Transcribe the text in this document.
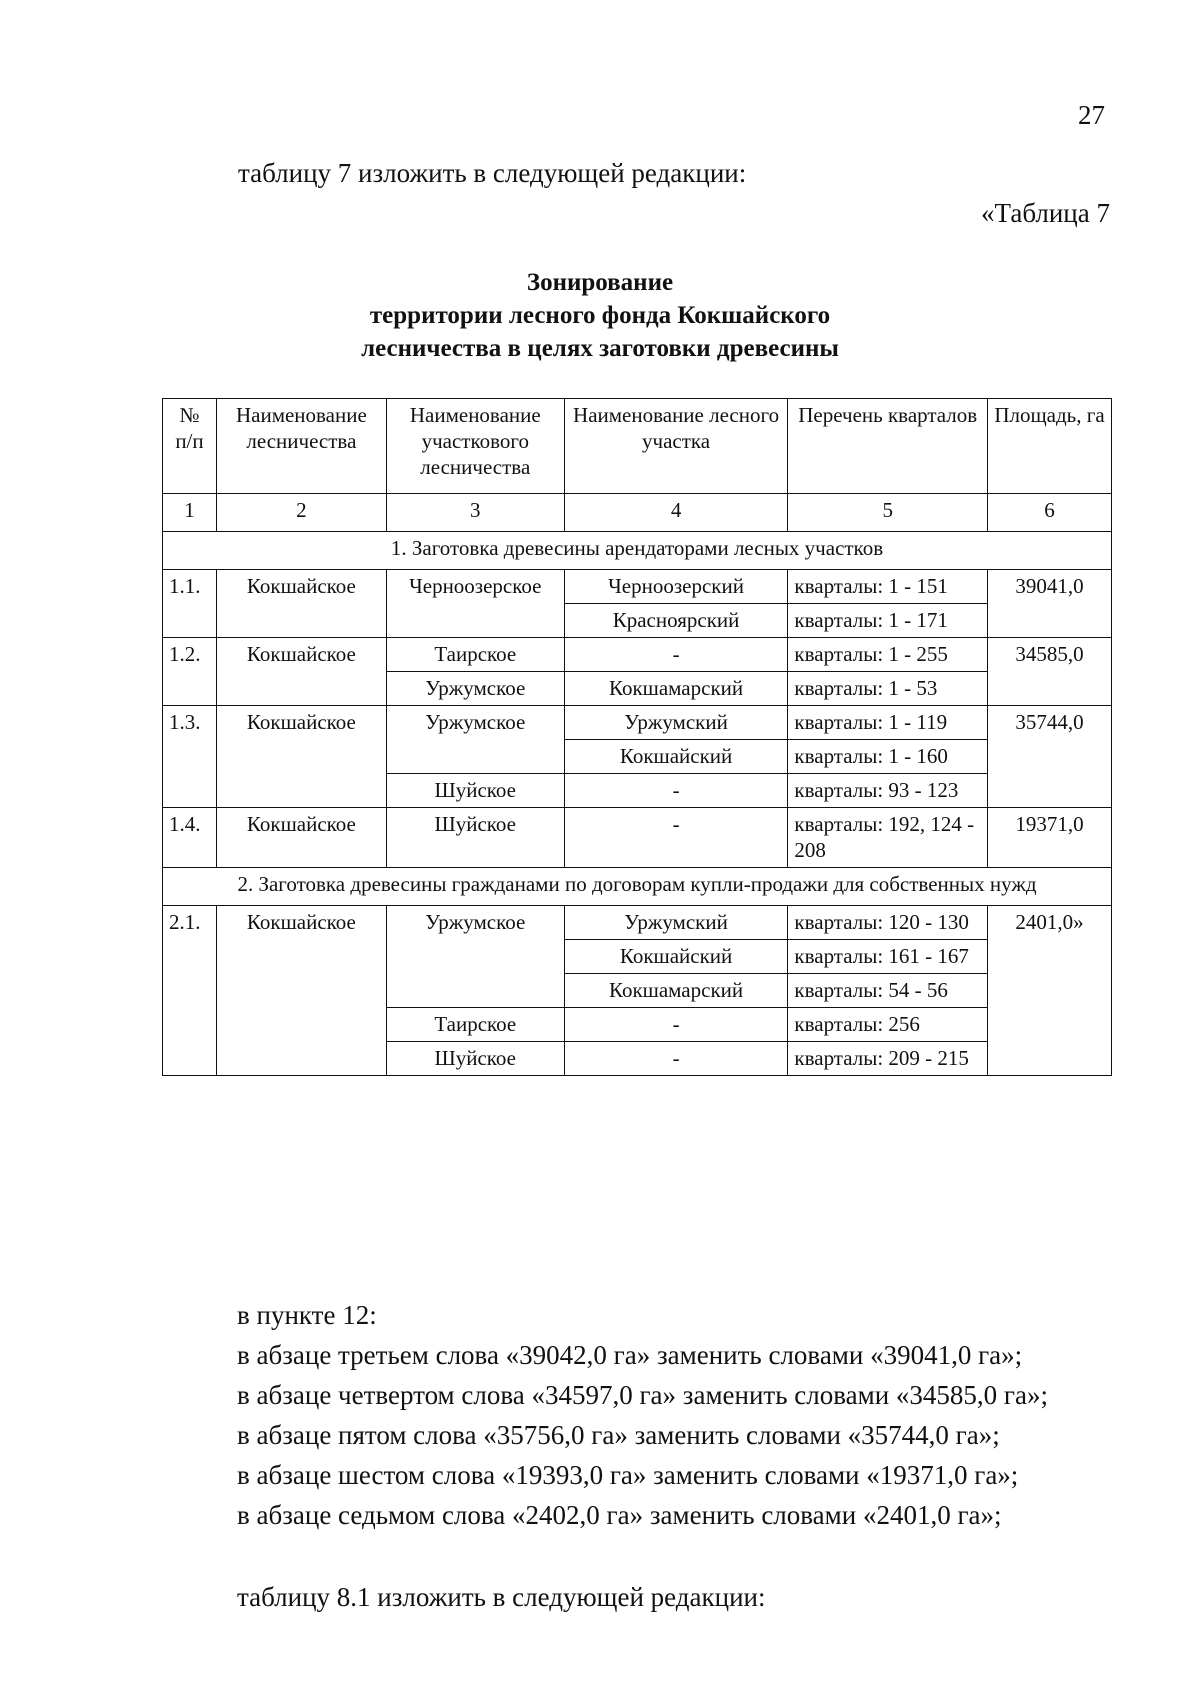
27
таблицу 7 изложить в следующей редакции:
«Таблица 7
Зонирование
территории лесного фонда Кокшайского
лесничества в целях заготовки древесины
№ п/п	Наименование лесничества	Наименование участкового лесничества	Наименование лесного участка	Перечень кварталов	Площадь, га
1	2	3	4	5	6
1. Заготовка древесины арендаторами лесных участков					
1.1.	Кокшайское	Черноозерское	Черноозерский	кварталы: 1 - 151	39041,0
			Красноярский	кварталы: 1 - 171	
1.2.	Кокшайское	Таирское	-	кварталы: 1 - 255	34585,0
		Уржумское	Кокшамарский	кварталы: 1 - 53	
1.3.	Кокшайское	Уржумское	Уржумский	кварталы: 1 - 119	35744,0
			Кокшайский	кварталы: 1 - 160	
		Шуйское	-	кварталы: 93 - 123	
1.4.	Кокшайское	Шуйское	-	кварталы: 192, 124 - 208	19371,0
2. Заготовка древесины гражданами по договорам купли-продажи для собственных нужд					
2.1.	Кокшайское	Уржумское	Уржумский	кварталы: 120 - 130	2401,0»
			Кокшайский	кварталы: 161 - 167	
			Кокшамарский	кварталы: 54 - 56	
		Таирское	-	кварталы: 256	
		Шуйское	-	кварталы: 209 - 215	
в пункте 12:
в абзаце третьем слова «39042,0 га» заменить словами «39041,0 га»;
в абзаце четвертом слова «34597,0 га» заменить словами «34585,0 га»;
в абзаце пятом слова «35756,0 га» заменить словами «35744,0 га»;
в абзаце шестом слова «19393,0 га» заменить словами «19371,0 га»;
в абзаце седьмом слова «2402,0 га» заменить словами «2401,0 га»;
таблицу 8.1 изложить в следующей редакции:
